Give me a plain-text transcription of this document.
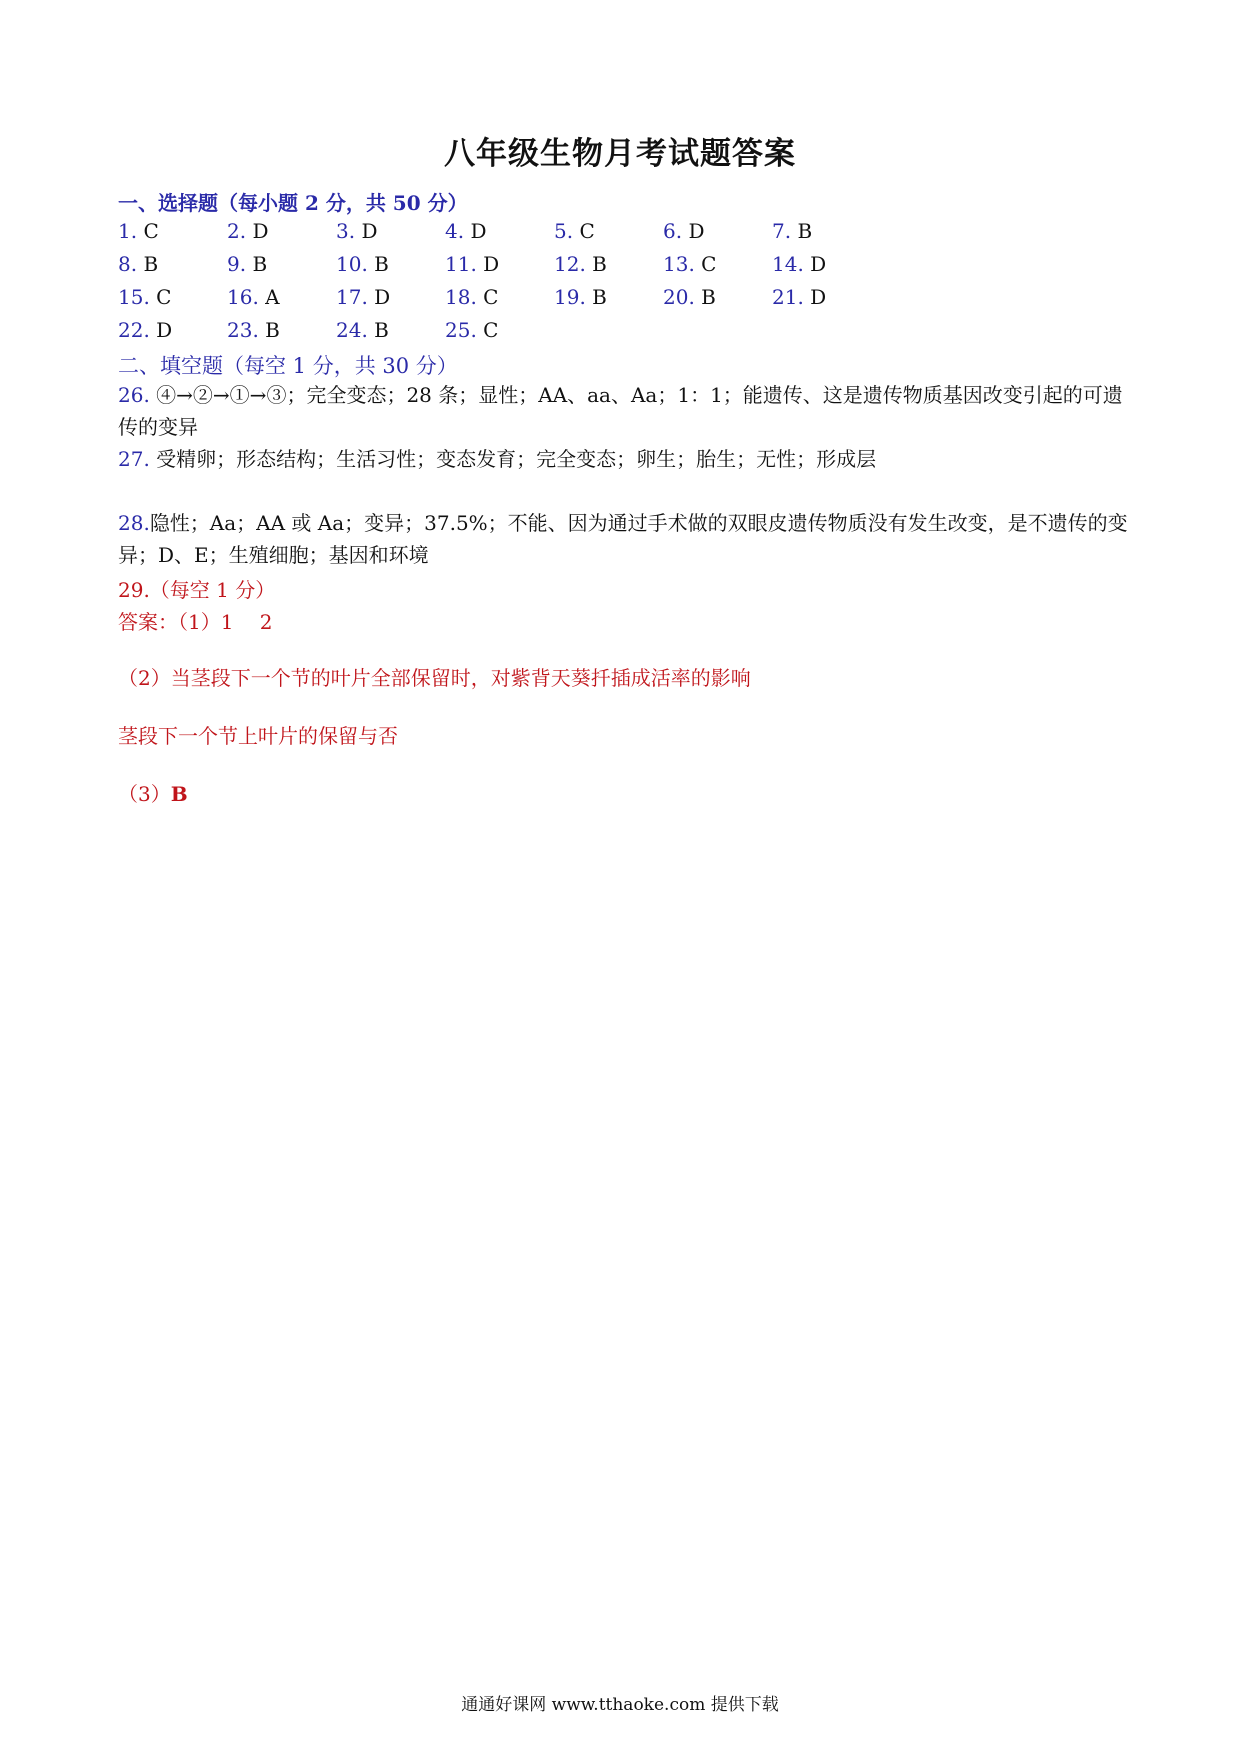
八年级生物月考试题答案
一、选择题（每小题 2 分，共 50 分）
1. C	2. D	3. D	4. D	5. C	6. D	7. B
8. B	9. B	10. B	11. D	12. B	13. C	14. D
15. C	16. A	17. D	18. C	19. B	20. B	21. D
22. D	23. B	24. B	25. C
二、填空题（每空 1 分，共 30 分）
26. ④→②→①→③；完全变态；28 条；显性；AA、aa、Aa；1：1；能遗传、这是遗传物质基因改变引起的可遗传的变异
27. 受精卵；形态结构；生活习性；变态发育；完全变态；卵生；胎生；无性；形成层
28.隐性；Aa；AA 或 Aa；变异；37.5%；不能、因为通过手术做的双眼皮遗传物质没有发生改变，是不遗传的变异；D、E；生殖细胞；基因和环境
29.（每空 1 分）
答案：（1）1　 2
（2）当茎段下一个节的叶片全部保留时，对紫背天葵扦插成活率的影响
茎段下一个节上叶片的保留与否
（3）B
通通好课网 www.tthaoke.com 提供下载
